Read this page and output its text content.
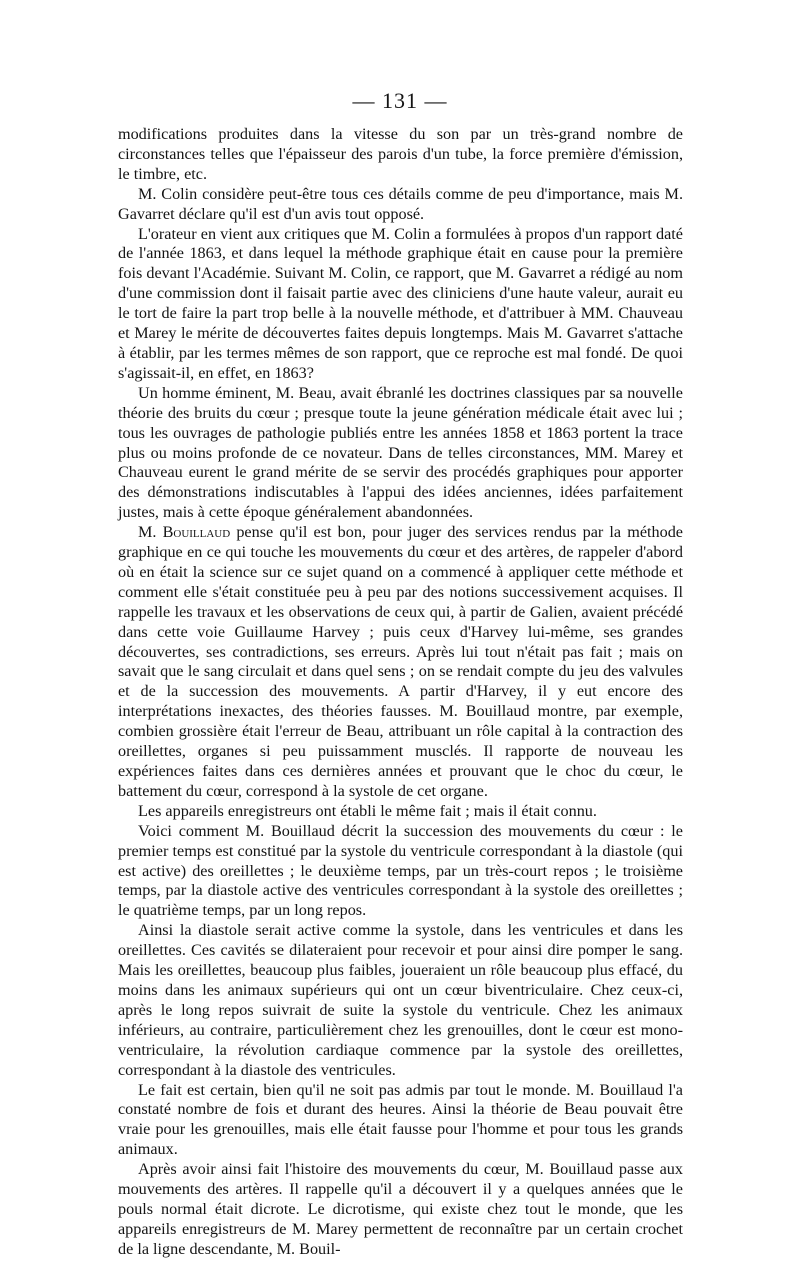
— 131 —

modifications produites dans la vitesse du son par un très-grand nombre de circonstances telles que l'épaisseur des parois d'un tube, la force première d'émission, le timbre, etc.

M. Colin considère peut-être tous ces détails comme de peu d'importance, mais M. Gavarret déclare qu'il est d'un avis tout opposé.

L'orateur en vient aux critiques que M. Colin a formulées à propos d'un rapport daté de l'année 1863, et dans lequel la méthode graphique était en cause pour la première fois devant l'Académie. Suivant M. Colin, ce rapport, que M. Gavarret a rédigé au nom d'une commission dont il faisait partie avec des cliniciens d'une haute valeur, aurait eu le tort de faire la part trop belle à la nouvelle méthode, et d'attribuer à MM. Chauveau et Marey le mérite de découvertes faites depuis longtemps. Mais M. Gavarret s'attache à établir, par les termes mêmes de son rapport, que ce reproche est mal fondé. De quoi s'agissait-il, en effet, en 1863?

Un homme éminent, M. Beau, avait ébranlé les doctrines classiques par sa nouvelle théorie des bruits du cœur ; presque toute la jeune génération médicale était avec lui ; tous les ouvrages de pathologie publiés entre les années 1858 et 1863 portent la trace plus ou moins profonde de ce novateur. Dans de telles circonstances, MM. Marey et Chauveau eurent le grand mérite de se servir des procédés graphiques pour apporter des démonstrations indiscutables à l'appui des idées anciennes, idées parfaitement justes, mais à cette époque généralement abandonnées.

M. Bouillaud pense qu'il est bon, pour juger des services rendus par la méthode graphique en ce qui touche les mouvements du cœur et des artères, de rappeler d'abord où en était la science sur ce sujet quand on a commencé à appliquer cette méthode et comment elle s'était constituée peu à peu par des notions successivement acquises. Il rappelle les travaux et les observations de ceux qui, à partir de Galien, avaient précédé dans cette voie Guillaume Harvey ; puis ceux d'Harvey lui-même, ses grandes découvertes, ses contradictions, ses erreurs. Après lui tout n'était pas fait ; mais on savait que le sang circulait et dans quel sens ; on se rendait compte du jeu des valvules et de la succession des mouvements. A partir d'Harvey, il y eut encore des interprétations inexactes, des théories fausses. M. Bouillaud montre, par exemple, combien grossière était l'erreur de Beau, attribuant un rôle capital à la contraction des oreillettes, organes si peu puissamment musclés. Il rapporte de nouveau les expériences faites dans ces dernières années et prouvant que le choc du cœur, le battement du cœur, correspond à la systole de cet organe.

Les appareils enregistreurs ont établi le même fait ; mais il était connu.

Voici comment M. Bouillaud décrit la succession des mouvements du cœur : le premier temps est constitué par la systole du ventricule correspondant à la diastole (qui est active) des oreillettes ; le deuxième temps, par un très-court repos ; le troisième temps, par la diastole active des ventricules correspondant à la systole des oreillettes ; le quatrième temps, par un long repos.

Ainsi la diastole serait active comme la systole, dans les ventricules et dans les oreillettes. Ces cavités se dilateraient pour recevoir et pour ainsi dire pomper le sang. Mais les oreillettes, beaucoup plus faibles, joueraient un rôle beaucoup plus effacé, du moins dans les animaux supérieurs qui ont un cœur biventriculaire. Chez ceux-ci, après le long repos suivrait de suite la systole du ventricule. Chez les animaux inférieurs, au contraire, particulièrement chez les grenouilles, dont le cœur est mono-ventriculaire, la révolution cardiaque commence par la systole des oreillettes, correspondant à la diastole des ventricules.

Le fait est certain, bien qu'il ne soit pas admis par tout le monde. M. Bouillaud l'a constaté nombre de fois et durant des heures. Ainsi la théorie de Beau pouvait être vraie pour les grenouilles, mais elle était fausse pour l'homme et pour tous les grands animaux.

Après avoir ainsi fait l'histoire des mouvements du cœur, M. Bouillaud passe aux mouvements des artères. Il rappelle qu'il a découvert il y a quelques années que le pouls normal était dicrote. Le dicrotisme, qui existe chez tout le monde, que les appareils enregistreurs de M. Marey permettent de reconnaître par un certain crochet de la ligne descendante, M. Bouil-
